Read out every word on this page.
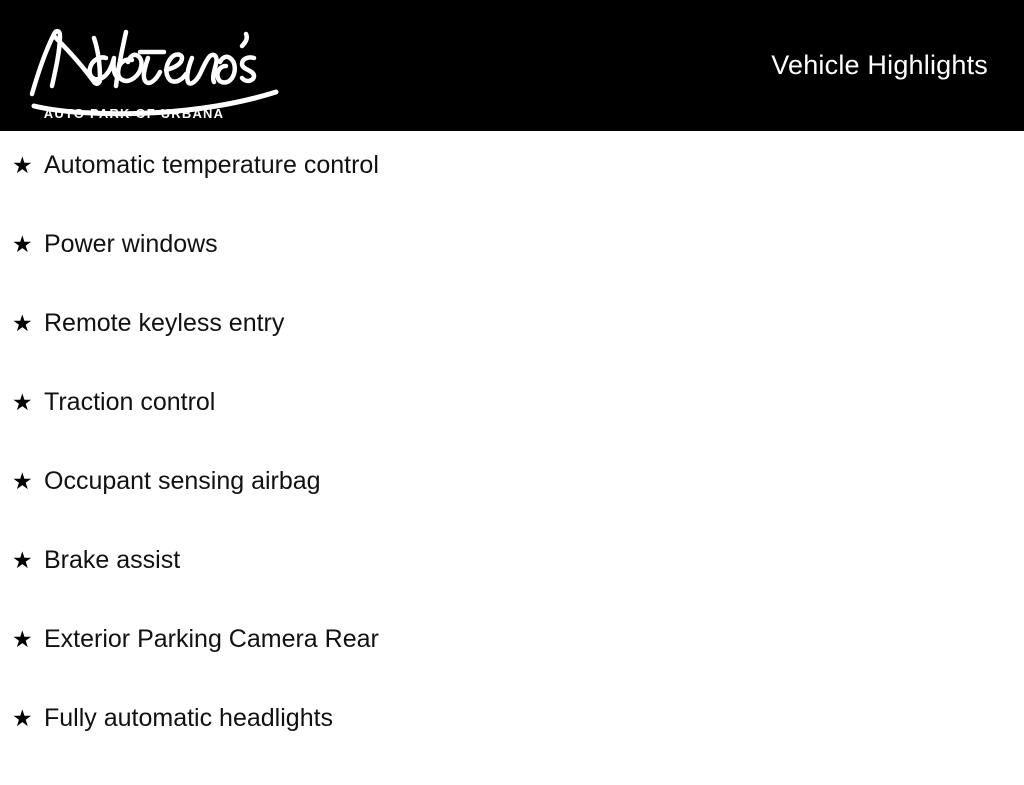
AUTO PARK OF URBANA
Vehicle Highlights
★ Automatic temperature control
★ Power windows
★ Remote keyless entry
★ Traction control
★ Occupant sensing airbag
★ Brake assist
★ Exterior Parking Camera Rear
★ Fully automatic headlights
